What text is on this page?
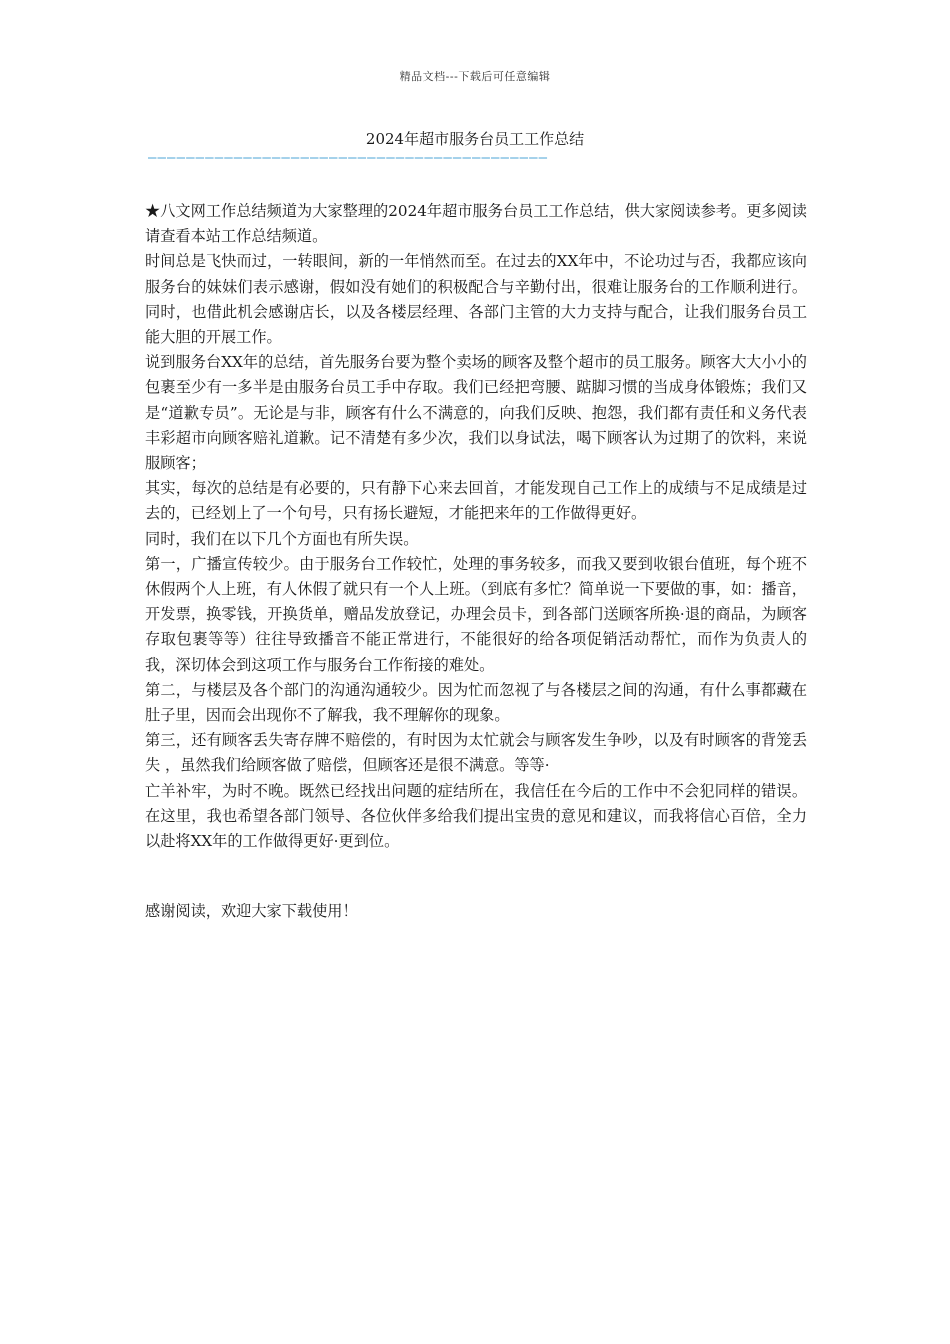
精品文档---下载后可任意编辑
2024年超市服务台员工工作总结
——————————————————————————————————————————

★八文网工作总结频道为大家整理的2024年超市服务台员工工作总结，供大家阅读参考。更多阅读请查看本站工作总结频道。

时间总是飞快而过，一转眼间，新的一年悄然而至。在过去的XX年中，不论功过与否，我都应该向服务台的妹妹们表示感谢，假如没有她们的积极配合与辛勤付出，很难让服务台的工作顺利进行。同时，也借此机会感谢店长，以及各楼层经理、各部门主管的大力支持与配合，让我们服务台员工能大胆的开展工作。

说到服务台XX年的总结，首先服务台要为整个卖场的顾客及整个超市的员工服务。顾客大大小小的包裹至少有一多半是由服务台员工手中存取。我们已经把弯腰、踮脚习惯的当成身体锻炼；我们又是“道歉专员”。无论是与非，顾客有什么不满意的，向我们反映、抱怨，我们都有责任和义务代表丰彩超市向顾客赔礼道歉。记不清楚有多少次，我们以身试法，喝下顾客认为过期了的饮料，来说服顾客；

其实，每次的总结是有必要的，只有静下心来去回首，才能发现自己工作上的成绩与不足成绩是过去的，已经划上了一个句号，只有扬长避短，才能把来年的工作做得更好。

同时，我们在以下几个方面也有所失误。

第一，广播宣传较少。由于服务台工作较忙，处理的事务较多，而我又要到收银台值班，每个班不休假两个人上班，有人休假了就只有一个人上班。（到底有多忙？简单说一下要做的事，如：播音，开发票，换零钱，开换货单，赠品发放登记，办理会员卡，到各部门送顾客所换·退的商品，为顾客存取包裹等等）往往导致播音不能正常进行，不能很好的给各项促销活动帮忙，而作为负责人的我，深切体会到这项工作与服务台工作衔接的难处。

第二，与楼层及各个部门的沟通沟通较少。因为忙而忽视了与各楼层之间的沟通，有什么事都藏在肚子里，因而会出现你不了解我，我不理解你的现象。

第三，还有顾客丢失寄存牌不赔偿的，有时因为太忙就会与顾客发生争吵，以及有时顾客的背笼丢失 ，虽然我们给顾客做了赔偿，但顾客还是很不满意。等等·

亡羊补牢，为时不晚。既然已经找出问题的症结所在，我信任在今后的工作中不会犯同样的错误。在这里，我也希望各部门领导、各位伙伴多给我们提出宝贵的意见和建议，而我将信心百倍，全力以赴将XX年的工作做得更好·更到位。

感谢阅读，欢迎大家下载使用！
